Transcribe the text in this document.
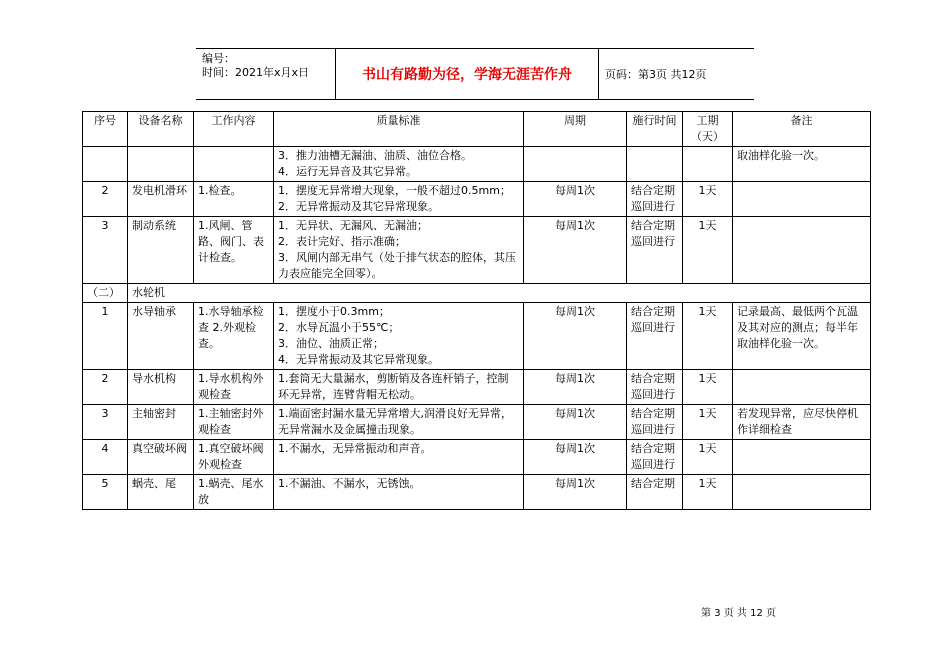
编号：
时间：2021年x月x日	书山有路勤为径，学海无涯苦作舟	页码：第3页 共12页
序号	设备名称	工作内容	质量标准	周期	施行时间	工期（天）	备注

			3．推力油槽无漏油、油质、油位合格。
4．运行无异音及其它异常。				取油样化验一次。
2	发电机滑环	1.检查。	1．摆度无异常增大现象，一般不超过0.5mm；
2．无异常振动及其它异常现象。	每周1次	结合定期巡回进行	1天	
3	制动系统	1.风闸、管路、阀门、表计检查。	1．无异状、无漏风、无漏油；
2．表计完好、指示准确；
3．风闸内部无串气（处于排气状态的腔体，其压力表应能完全回零）。	每周1次	结合定期巡回进行	1天	
（二）	水轮机						
1	水导轴承	1.水导轴承检查 2.外观检查。	1．摆度小于0.3mm；
2．水导瓦温小于55℃；
3．油位、油质正常；
4．无异常振动及其它异常现象。	每周1次	结合定期巡回进行	1天	记录最高、最低两个瓦温及其对应的测点；每半年取油样化验一次。
2	导水机构	1.导水机构外观检查	1.套筒无大量漏水，剪断销及各连杆销子，控制环无异常，连臂背帽无松动。	每周1次	结合定期巡回进行	1天	
3	主轴密封	1.主轴密封外观检查	1.端面密封漏水量无异常增大,润滑良好无异常，无异常漏水及金属撞击现象。	每周1次	结合定期巡回进行	1天	若发现异常，应尽快停机作详细检查
4	真空破坏阀	1.真空破坏阀外观检查	1.不漏水，无异常振动和声音。	每周1次	结合定期巡回进行	1天	
5	蜗壳、尾	1.蜗壳、尾水放	1.不漏油、不漏水，无锈蚀。	每周1次	结合定期	1天	
第 3 页 共 12 页
